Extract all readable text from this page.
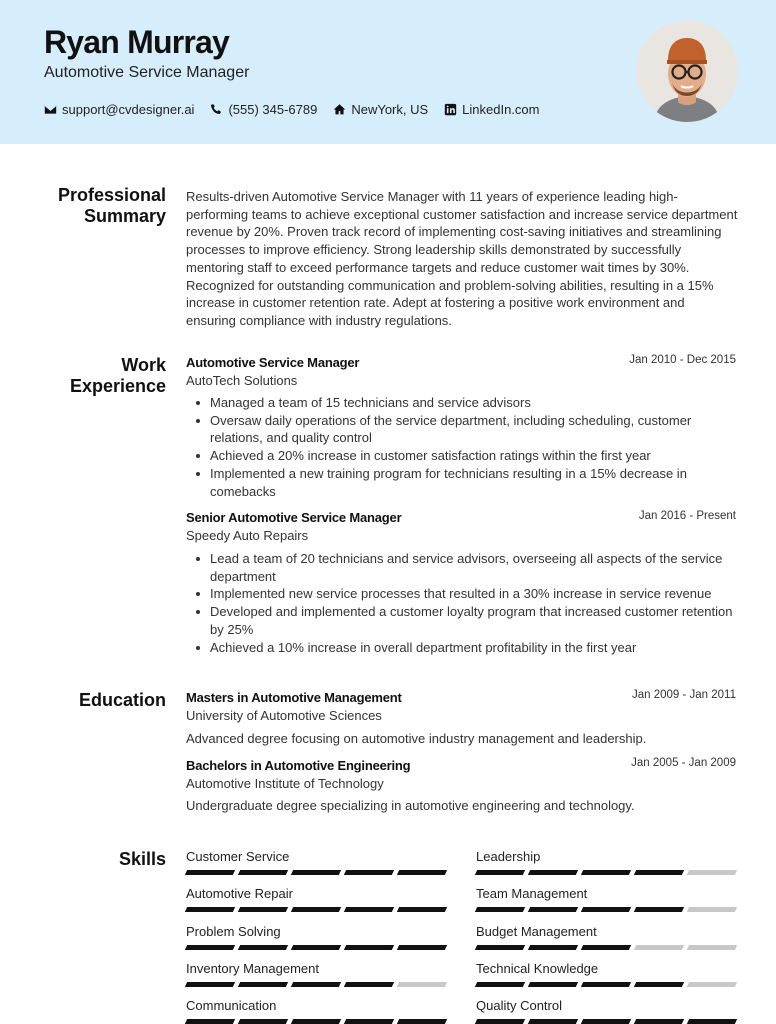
Ryan Murray
Automotive Service Manager
support@cvdesigner.ai	(555) 345-6789	NewYork, US	LinkedIn.com
Professional
Summary
Results-driven Automotive Service Manager with 11 years of experience leading high-performing teams to achieve exceptional customer satisfaction and increase service department revenue by 20%. Proven track record of implementing cost-saving initiatives and streamlining processes to improve efficiency. Strong leadership skills demonstrated by successfully mentoring staff to exceed performance targets and reduce customer wait times by 30%. Recognized for outstanding communication and problem-solving abilities, resulting in a 15% increase in customer retention rate. Adept at fostering a positive work environment and ensuring compliance with industry regulations.
Work
Experience
Automotive Service Manager	Jan 2010 - Dec 2015
AutoTech Solutions
Managed a team of 15 technicians and service advisors
Oversaw daily operations of the service department, including scheduling, customer relations, and quality control
Achieved a 20% increase in customer satisfaction ratings within the first year
Implemented a new training program for technicians resulting in a 15% decrease in comebacks
Senior Automotive Service Manager	Jan 2016 - Present
Speedy Auto Repairs
Lead a team of 20 technicians and service advisors, overseeing all aspects of the service department
Implemented new service processes that resulted in a 30% increase in service revenue
Developed and implemented a customer loyalty program that increased customer retention by 25%
Achieved a 10% increase in overall department profitability in the first year
Education Masters in Automotive Management	Jan 2009 - Jan 2011
University of Automotive Sciences
Advanced degree focusing on automotive industry management and leadership.
Bachelors in Automotive Engineering	Jan 2005 - Jan 2009
Automotive Institute of Technology
Undergraduate degree specializing in automotive engineering and technology.
Skills Customer Service	Leadership
Automotive Repair	Team Management
Problem Solving	Budget Management
Inventory Management	Technical Knowledge
Communication	Quality Control
